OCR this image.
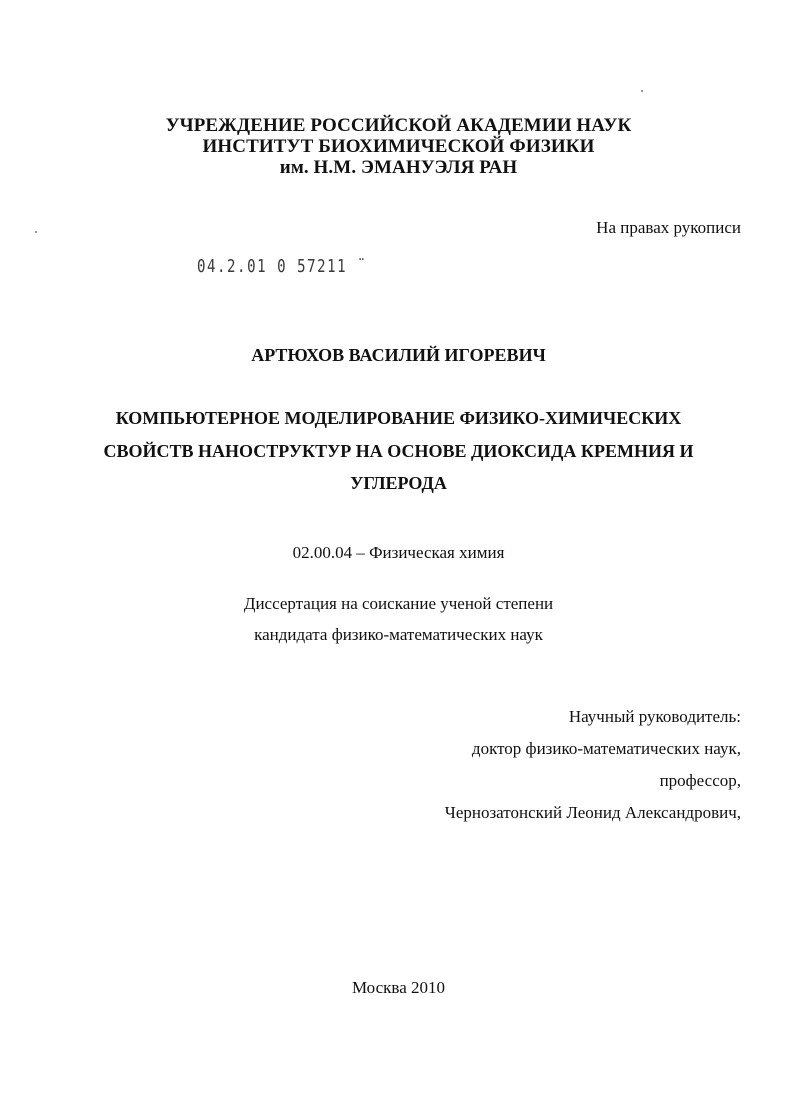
УЧРЕЖДЕНИЕ РОССИЙСКОЙ АКАДЕМИИ НАУК
ИНСТИТУТ БИОХИМИЧЕСКОЙ ФИЗИКИ
им. Н.М. ЭМАНУЭЛЯ РАН
На правах рукописи
04.2.01 0 57211 ¨
АРТЮХОВ ВАСИЛИЙ ИГОРЕВИЧ
КОМПЬЮТЕРНОЕ МОДЕЛИРОВАНИЕ ФИЗИКО-ХИМИЧЕСКИХ
СВОЙСТВ НАНОСТРУКТУР НА ОСНОВЕ ДИОКСИДА КРЕМНИЯ И
УГЛЕРОДА
02.00.04 – Физическая химия
Диссертация на соискание ученой степени
кандидата физико-математических наук
Научный руководитель:
доктор физико-математических наук,
профессор,
Чернозатонский Леонид Александрович,
Москва 2010
